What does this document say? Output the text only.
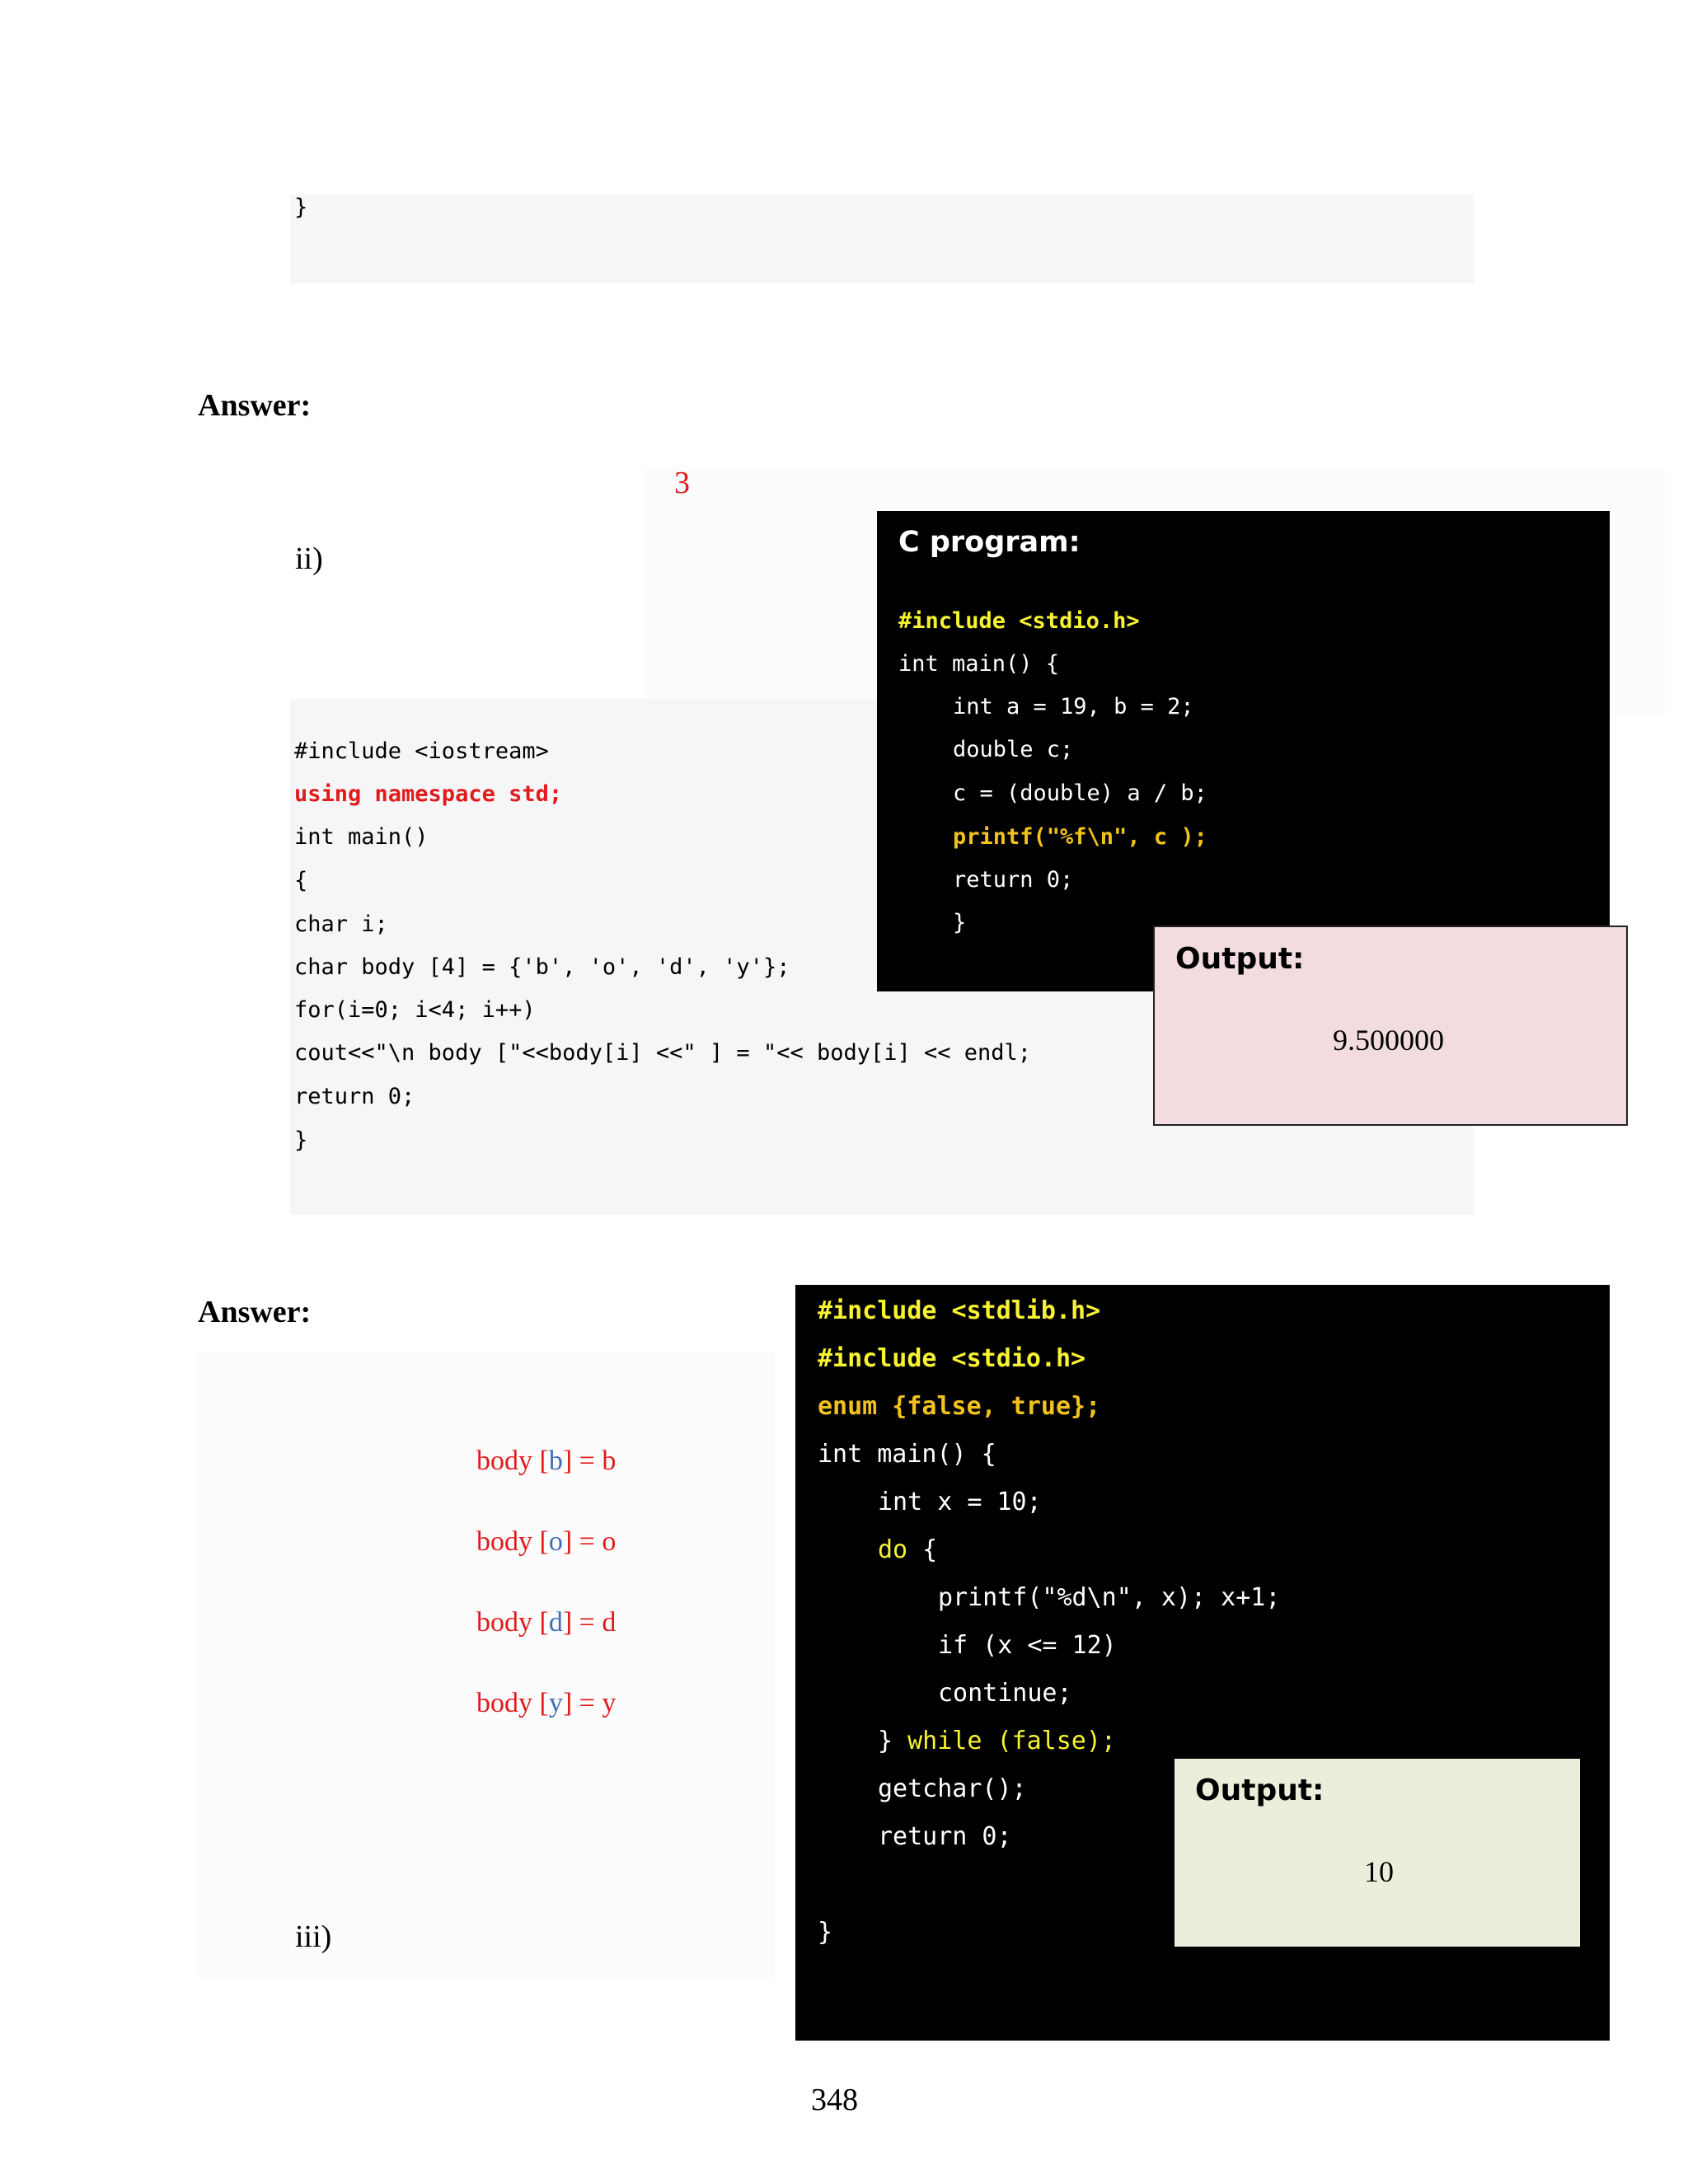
}
Answer:
3
ii)
#include <iostream>
using namespace std;
int main()
{
char i;
char body [4] = {'b', 'o', 'd', 'y'};
for(i=0; i<4; i++)
cout<<"\n body ["<<body[i] <<" ] = "<< body[i] << endl;
return 0;
}
C program:
#include <stdio.h>
int main() {
int a = 19, b = 2;
double c;
c = (double) a / b;
printf("%f\n", c );
return 0;
}
Output:
9.500000
Answer:
body [b] = b
body [o] = o
body [d] = d
body [y] = y
iii)
#include <stdlib.h>
#include <stdio.h>
enum {false, true};
int main() {
int x = 10;
do {
printf("%d\n", x); x+1;
if (x <= 12)
continue;
} while (false);
getchar();
return 0;
}
Output:
10
348
